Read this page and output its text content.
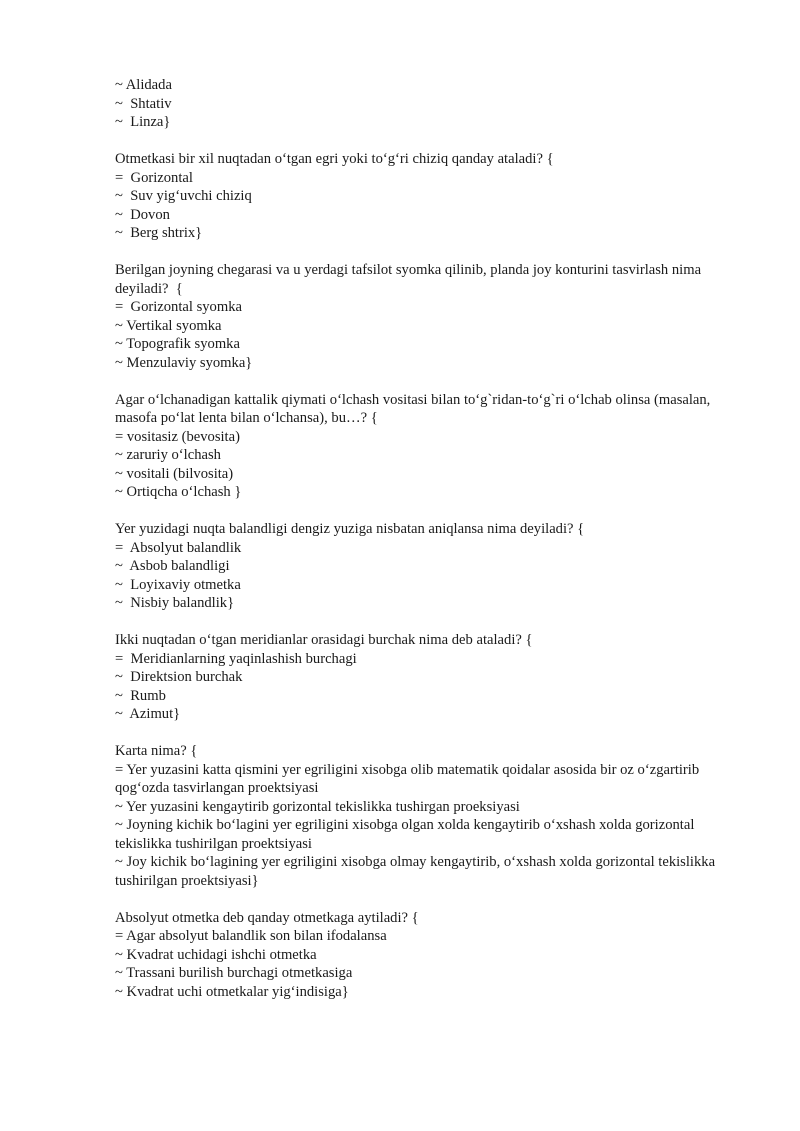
~ Alidada
~  Shtativ
~  Linza}
Otmetkasi bir xil nuqtadan o‘tgan egri yoki to‘g‘ri chiziq qanday ataladi? {
=  Gorizontal
~  Suv yig‘uvchi chiziq
~  Dovon
~  Berg shtrix}
Berilgan joyning chegarasi va u yerdagi tafsilot syomka qilinib, planda joy konturini tasvirlash nima deyiladi?  {
=  Gorizontal syomka
~ Vertikal syomka
~ Topografik syomka
~ Menzulaviy syomka}
Agar o‘lchanadigan kattalik qiymati o‘lchash vositasi bilan to‘g`ridan-to‘g`ri o‘lchab olinsa (masalan, masofa po‘lat lenta bilan o‘lchansa), bu…? {
= vositasiz (bevosita)
~ zaruriy o‘lchash
~ vositali (bilvosita)
~ Ortiqcha o‘lchash }
Yer yuzidagi nuqta balandligi dengiz yuziga nisbatan aniqlansa nima deyiladi? {
=  Absolyut balandlik
~  Asbob balandligi
~  Loyixaviy otmetka
~  Nisbiy balandlik}
Ikki nuqtadan o‘tgan meridianlar orasidagi burchak nima deb ataladi? {
=  Meridianlarning yaqinlashish burchagi
~  Direktsion burchak
~  Rumb
~  Azimut}
Karta nima? {
= Yer yuzasini katta qismini yer egriligini xisobga olib matematik qoidalar asosida bir oz o‘zgartirib qog‘ozda tasvirlangan proektsiyasi
~ Yer yuzasini kengaytirib gorizontal tekislikka tushirgan proeksiyasi
~ Joyning kichik bo‘lagini yer egriligini xisobga olgan xolda kengaytirib o‘xshash xolda gorizontal tekislikka tushirilgan proektsiyasi
~ Joy kichik bo‘lagining yer egriligini xisobga olmay kengaytirib, o‘xshash xolda gorizontal tekislikka tushirilgan proektsiyasi}
Absolyut otmetka deb qanday otmetkaga aytiladi? {
= Agar absolyut balandlik son bilan ifodalansa
~ Kvadrat uchidagi ishchi otmetka
~ Trassani burilish burchagi otmetkasiga
~ Kvadrat uchi otmetkalar yig‘indisiga}
